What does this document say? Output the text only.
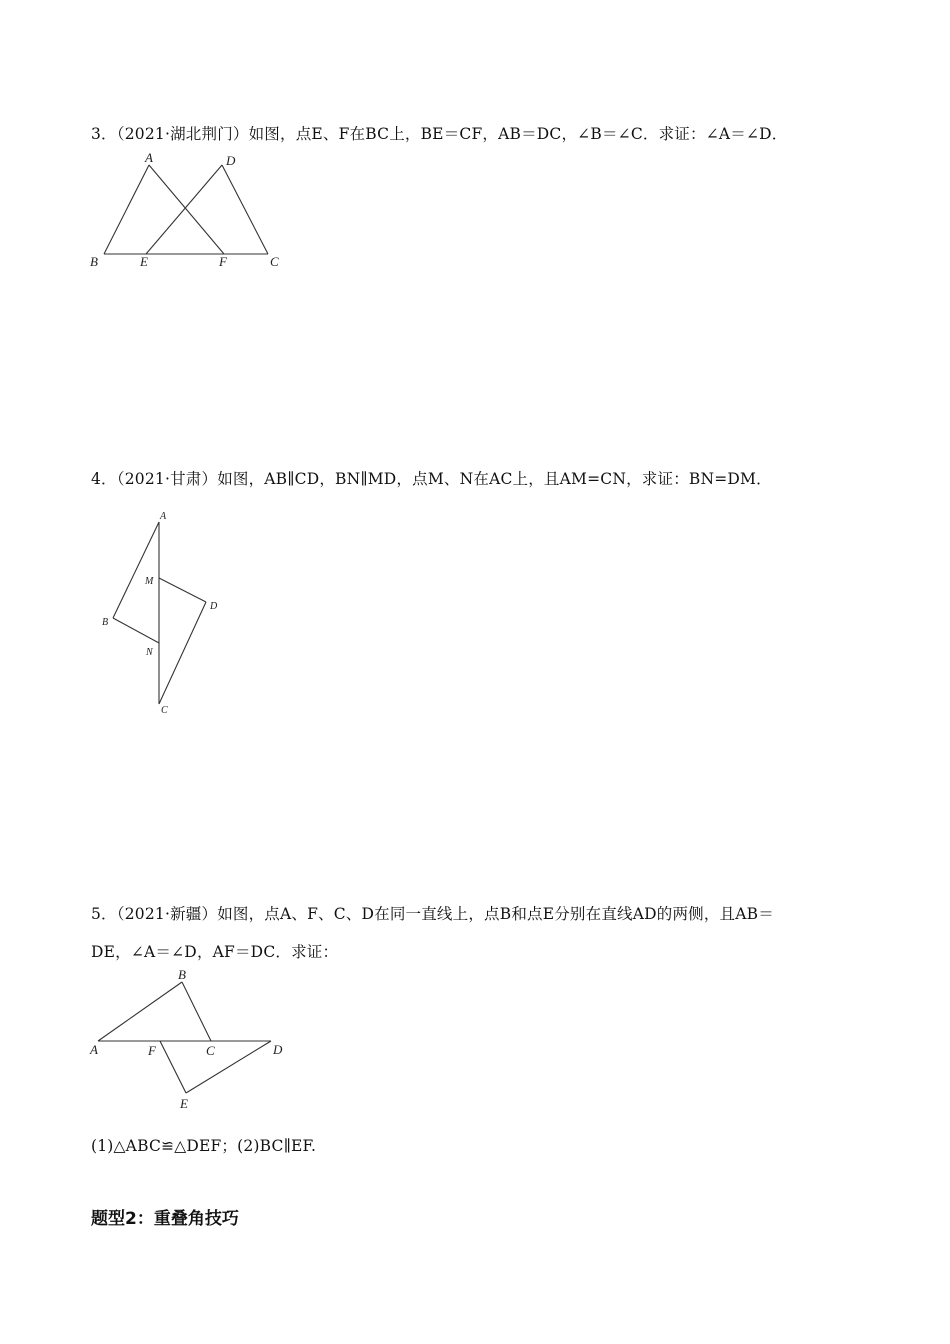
3．（2021·湖北荆门）如图，点E、F在BC上，BE＝CF，AB＝DC，∠B＝∠C．求证：∠A＝∠D．
A	D
B	E	F	C
A
M
D
B
N
C
B
A	F	C	D
E
4．（2021·甘肃）如图，AB∥CD，BN∥MD，点M、N在AC上，且AM=CN，求证：BN=DM．
5．（2021·新疆）如图，点A、F、C、D在同一直线上，点B和点E分别在直线AD的两侧，且AB＝
DE，∠A＝∠D，AF＝DC．求证：
(1)△ABC≌△DEF；(2)BC∥EF.
题型2：重叠角技巧
